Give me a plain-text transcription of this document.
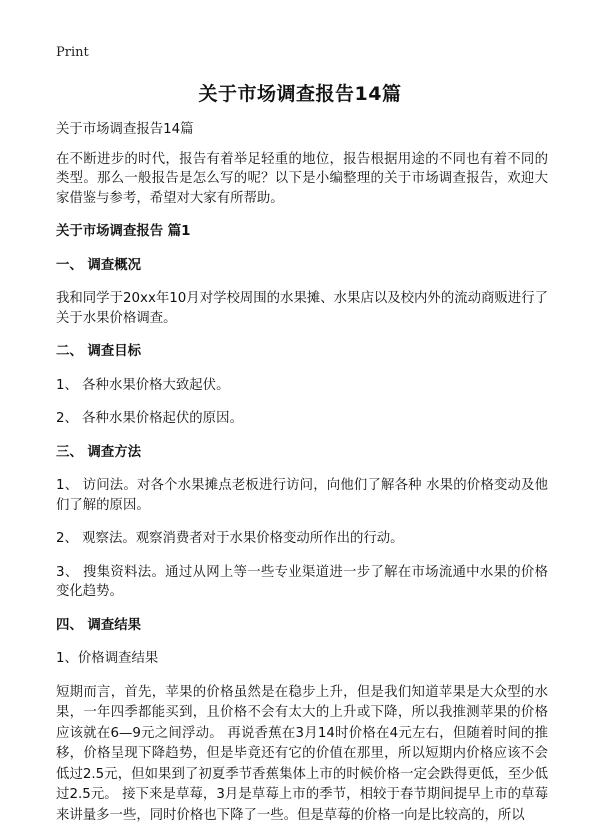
Print
关于市场调查报告14篇

关于市场调查报告14篇

在不断进步的时代，报告有着举足轻重的地位，报告根据用途的不同也有着不同的类型。那么一般报告是怎么写的呢？以下是小编整理的关于市场调查报告，欢迎大家借鉴与参考，希望对大家有所帮助。

关于市场调查报告 篇1

一、 调查概况

我和同学于20xx年10月对学校周围的水果摊、水果店以及校内外的流动商贩进行了关于水果价格调查。

二、 调查目标

1、 各种水果价格大致起伏。

2、 各种水果价格起伏的原因。

三、 调查方法

1、 访问法。对各个水果摊点老板进行访问，向他们了解各种 水果的价格变动及他们了解的原因。

2、 观察法。观察消费者对于水果价格变动所作出的行动。

3、 搜集资料法。通过从网上等一些专业渠道进一步了解在市场流通中水果的价格变化趋势。

四、 调查结果

1、价格调查结果

短期而言，首先，苹果的价格虽然是在稳步上升，但是我们知道苹果是大众型的水果，一年四季都能买到，且价格不会有太大的上升或下降，所以我推测苹果的价格应该就在6—9元之间浮动。 再说香蕉在3月14时价格在4元左右，但随着时间的推移，价格呈现下降趋势，但是毕竟还有它的价值在那里，所以短期内价格应该不会低过2.5元，但如果到了初夏季节香蕉集体上市的时候价格一定会跌得更低，至少低过2.5元。 接下来是草莓，3月是草莓上市的季节，相较于春节期间提早上市的草莓来讲量多一些，同时价格也下降了一些。但是草莓的价格一向是比较高的，所以
